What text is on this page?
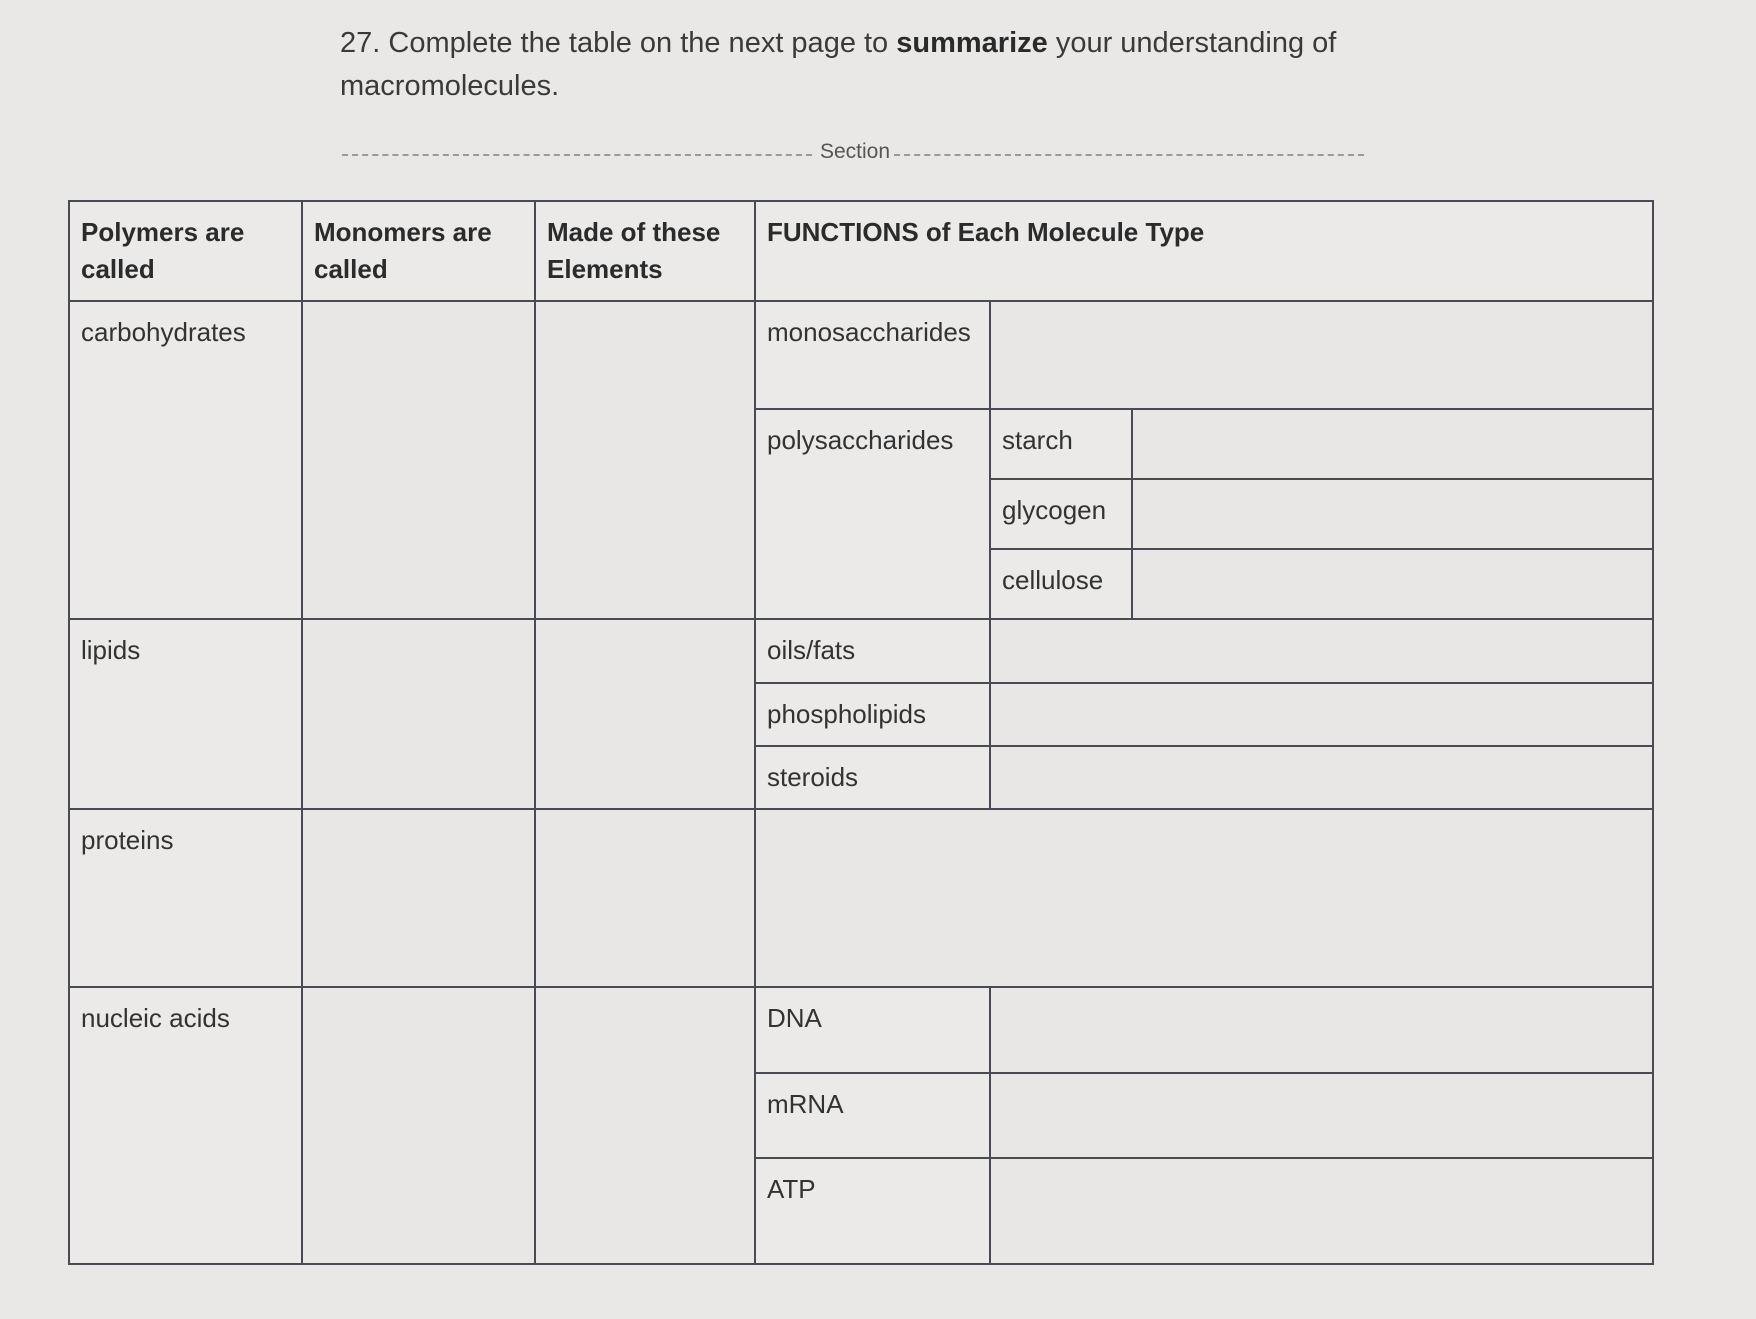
27. Complete the table on the next page to summarize your understanding of macromolecules.
Section
Polymers are called	Monomers are called	Made of these Elements	FUNCTIONS of Each Molecule Type		
carbohydrates			monosaccharides		
			polysaccharides	starch	
				glycogen	
				cellulose	
lipids			oils/fats		
			phospholipids		
			steroids		
proteins					
nucleic acids			DNA		
			mRNA		
			ATP		
